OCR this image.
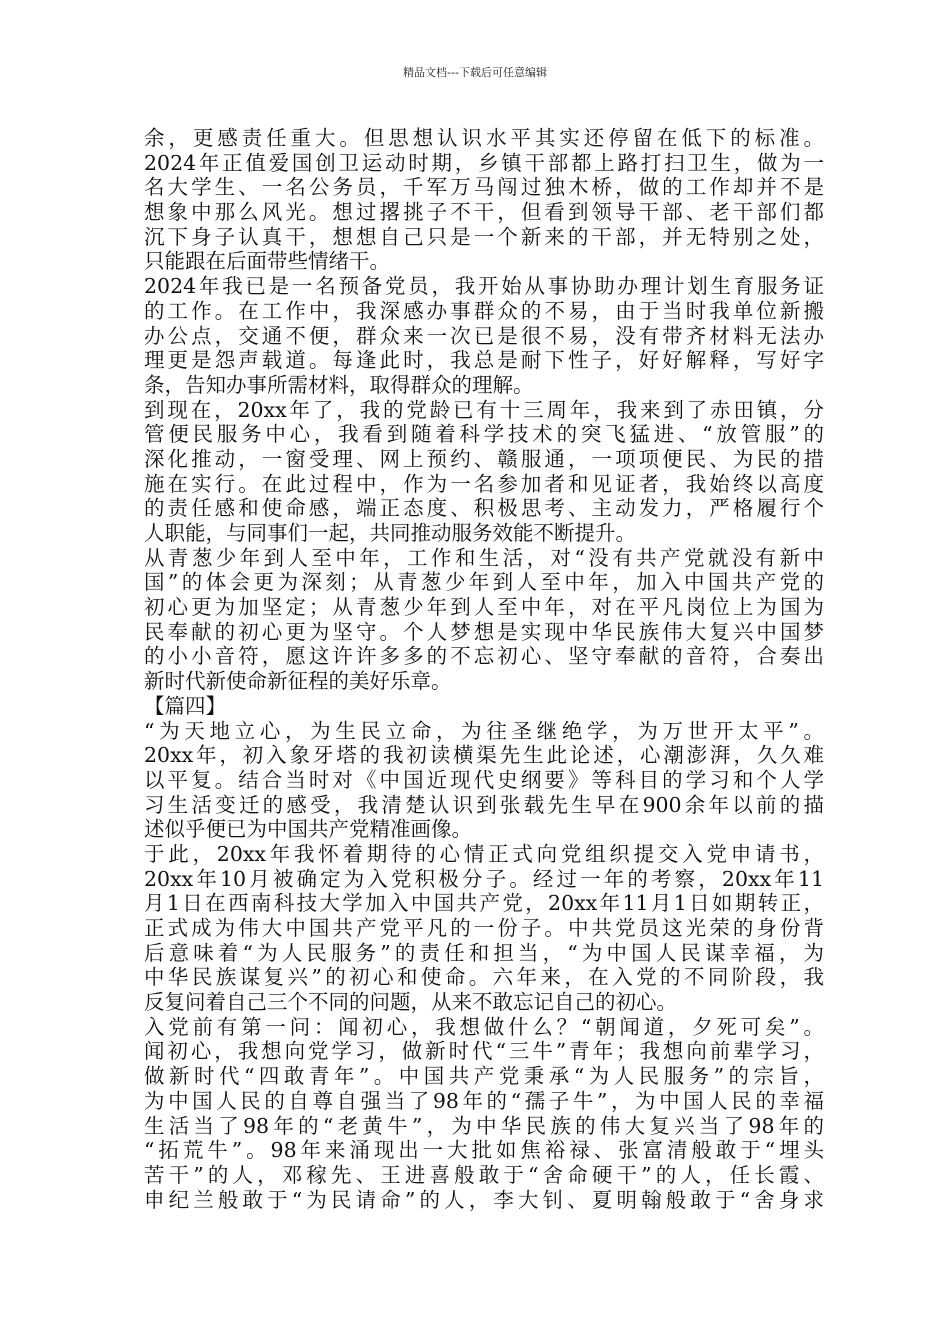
精品文档---下载后可任意编辑
余，更感责任重大。但思想认识水平其实还停留在低下的标准。
2024年正值爱国创卫运动时期，乡镇干部都上路打扫卫生，做为一
名大学生、一名公务员，千军万马闯过独木桥，做的工作却并不是
想象中那么风光。想过撂挑子不干，但看到领导干部、老干部们都
沉下身子认真干，想想自己只是一个新来的干部，并无特别之处，
只能跟在后面带些情绪干。
2024年我已是一名预备党员，我开始从事协助办理计划生育服务证
的工作。在工作中，我深感办事群众的不易，由于当时我单位新搬
办公点，交通不便，群众来一次已是很不易，没有带齐材料无法办
理更是怨声载道。每逢此时，我总是耐下性子，好好解释，写好字
条，告知办事所需材料，取得群众的理解。
到现在，20xx年了，我的党龄已有十三周年，我来到了赤田镇，分
管便民服务中心，我看到随着科学技术的突飞猛进、“放管服”的
深化推动，一窗受理、网上预约、赣服通，一项项便民、为民的措
施在实行。在此过程中，作为一名参加者和见证者，我始终以高度
的责任感和使命感，端正态度、积极思考、主动发力，严格履行个
人职能，与同事们一起，共同推动服务效能不断提升。
从青葱少年到人至中年，工作和生活，对“没有共产党就没有新中
国”的体会更为深刻；从青葱少年到人至中年，加入中国共产党的
初心更为加坚定；从青葱少年到人至中年，对在平凡岗位上为国为
民奉献的初心更为坚守。个人梦想是实现中华民族伟大复兴中国梦
的小小音符，愿这许许多多的不忘初心、坚守奉献的音符，合奏出
新时代新使命新征程的美好乐章。
【篇四】
“为天地立心，为生民立命，为往圣继绝学，为万世开太平”。
20xx年，初入象牙塔的我初读横渠先生此论述，心潮澎湃，久久难
以平复。结合当时对《中国近现代史纲要》等科目的学习和个人学
习生活变迁的感受，我清楚认识到张载先生早在900余年以前的描
述似乎便已为中国共产党精准画像。
于此，20xx年我怀着期待的心情正式向党组织提交入党申请书，
20xx年10月被确定为入党积极分子。经过一年的考察，20xx年11
月1日在西南科技大学加入中国共产党，20xx年11月1日如期转正，
正式成为伟大中国共产党平凡的一份子。中共党员这光荣的身份背
后意味着“为人民服务”的责任和担当，“为中国人民谋幸福，为
中华民族谋复兴”的初心和使命。六年来，在入党的不同阶段，我
反复问着自己三个不同的问题，从来不敢忘记自己的初心。
入党前有第一问：闻初心，我想做什么？“朝闻道，夕死可矣”。
闻初心，我想向党学习，做新时代“三牛”青年；我想向前辈学习，
做新时代“四敢青年”。中国共产党秉承“为人民服务”的宗旨，
为中国人民的自尊自强当了98年的“孺子牛”，为中国人民的幸福
生活当了98年的“老黄牛”，为中华民族的伟大复兴当了98年的
“拓荒牛”。98年来涌现出一大批如焦裕禄、张富清般敢于“埋头
苦干”的人，邓稼先、王进喜般敢于“舍命硬干”的人，任长霞、
申纪兰般敢于“为民请命”的人，李大钊、夏明翰般敢于“舍身求
